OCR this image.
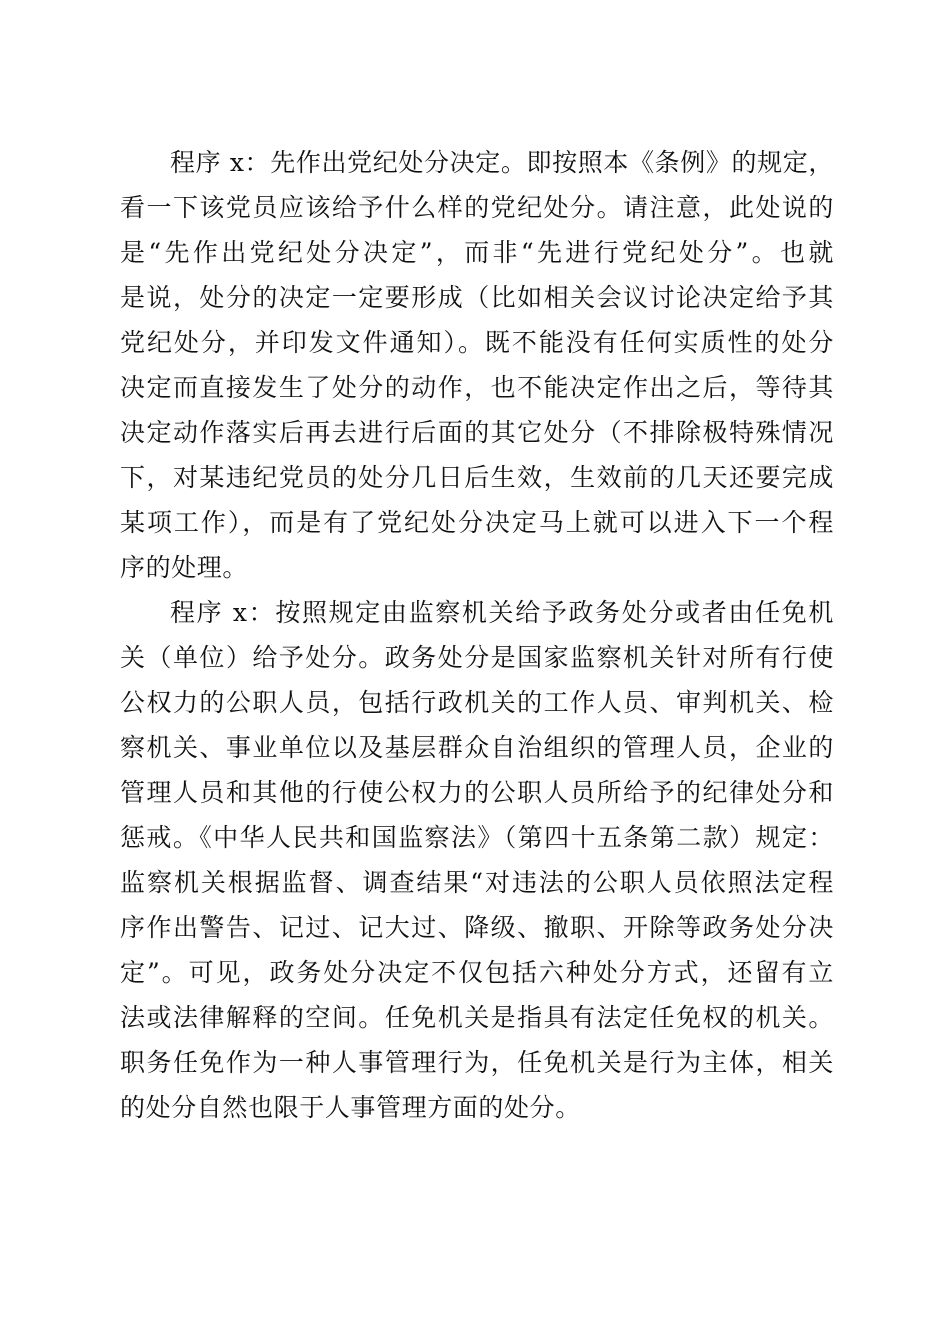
程序 x：先作出党纪处分决定。即按照本《条例》的规定，
看一下该党员应该给予什么样的党纪处分。请注意，此处说的
是“先作出党纪处分决定”，而非“先进行党纪处分”。也就
是说，处分的决定一定要形成（比如相关会议讨论决定给予其
党纪处分，并印发文件通知）。既不能没有任何实质性的处分
决定而直接发生了处分的动作，也不能决定作出之后，等待其
决定动作落实后再去进行后面的其它处分（不排除极特殊情况
下，对某违纪党员的处分几日后生效，生效前的几天还要完成
某项工作），而是有了党纪处分决定马上就可以进入下一个程
序的处理。
程序 x：按照规定由监察机关给予政务处分或者由任免机
关（单位）给予处分。政务处分是国家监察机关针对所有行使
公权力的公职人员，包括行政机关的工作人员、审判机关、检
察机关、事业单位以及基层群众自治组织的管理人员，企业的
管理人员和其他的行使公权力的公职人员所给予的纪律处分和
惩戒。《中华人民共和国监察法》（第四十五条第二款）规定：
监察机关根据监督、调查结果“对违法的公职人员依照法定程
序作出警告、记过、记大过、降级、撤职、开除等政务处分决
定”。可见，政务处分决定不仅包括六种处分方式，还留有立
法或法律解释的空间。任免机关是指具有法定任免权的机关。
职务任免作为一种人事管理行为，任免机关是行为主体，相关
的处分自然也限于人事管理方面的处分。
